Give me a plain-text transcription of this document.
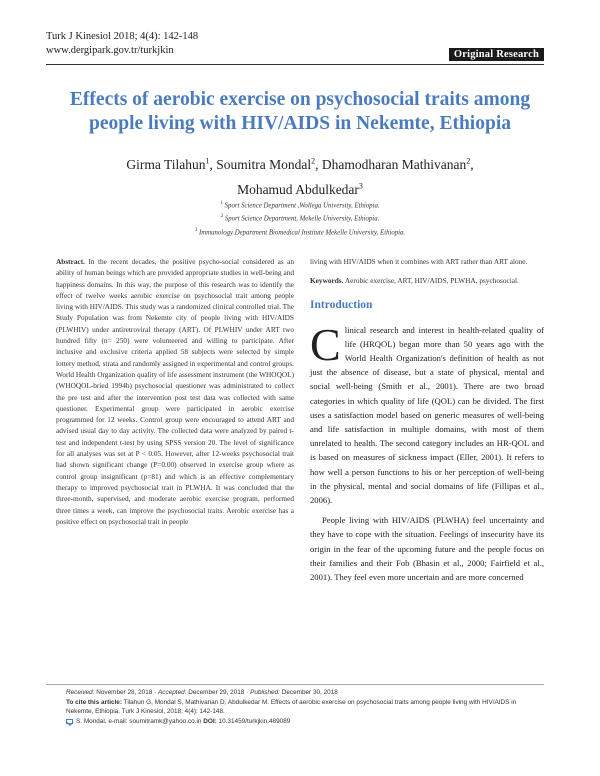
Turk J Kinesiol 2018; 4(4): 142-148
www.dergipark.gov.tr/turkjkin	Original Research
Effects of aerobic exercise on psychosocial traits among people living with HIV/AIDS in Nekemte, Ethiopia
Girma Tilahun$^1$, Soumitra Mondal$^2$, Dhamodharan Mathivanan$^2$,
Mohamud Abdulkedar$^3$
$^1$ Sport Science Department ,Wollega University, Ethiopia.
$^2$ Sport Science Department, Mekelle University, Ethiopia.
$^3$ Immunology Department Biomedical Institute Mekelle University, Ethiopia.
Abstract. In the recent decades, the positive psycho-social considered as an ability of human beings which are provided appropriate studies in well-being and happiness domains. In this way, the purpose of this research was to identify the effect of twelve weeks aerobic exercise on psychosocial trait among people living with HIV/AIDS. This study was a randomized clinical controlled trial. The Study Population was from Nekemte city of people living with HIV/AIDS (PLWHIV) under antiretroviral therapy (ART). Of PLWHIV under ART two hundred fifty (n= 250) were volunteered and willing to participate. After inclusive and exclusive criteria applied 58 subjects were selected by simple lottery method, strata and randomly assigned in experimental and control groups. World Health Organization quality of life assessment instrument (the WHOQOL) (WHOQOL-bried 1994b) psychosocial questioner was administrated to collect the pre test and after the intervention post test data was collected with same questioner. Experimental group were participated in aerobic exercise programmed for 12 weeks. Control group were encouraged to attend ART and advised usual day to day activity. The collected data were analyzed by paired t-test and independent t-test by using SPSS version 20. The level of significance for all analyses was set at P < 0.05. However, after 12-weeks psychosocial trait had shown significant change (P=0.00) observed in exercise group where as control group insignificant (p=81) and which is an effective complementary therapy to improved psychosocial trait in PLWHA. It was concluded that the three-month, supervised, and moderate aerobic exercise program, performed three times a week, can improve the psychosocial traits. Aerobic exercise has a positive effect on psychosocial trait in people
living with HIV/AIDS when it combines with ART rather than ART alone.
Keywords. Aerobic exercise, ART, HIV/AIDS, PLWHA, psychosocial.
Introduction
C linical research and interest in health-related quality of life (HRQOL) began more than 50 years ago with the World Health Organization's definition of health as not just the absence of disease, but a state of physical, mental and social well-being (Smith et al., 2001). There are two broad categories in which quality of life (QOL) can be divided. The first uses a satisfaction model based on generic measures of well-being and life satisfaction in multiple domains, with most of them unrelated to health. The second category includes an HR-QOL and is based on measures of sickness impact (Eller, 2001). It refers to how well a person functions to his or her perception of well-being in the physical, mental and social domains of life (Fillipas et al., 2006).
People living with HIV/AIDS (PLWHA) feel uncertainty and they have to cope with the situation. Feelings of insecurity have its origin in the fear of the upcoming future and the people focus on their families and their Fob (Bhasin et al., 2000; Fairfield et al., 2001). They feel even more uncertain and are more concerned
Received: November 28, 2018 · Accepted: December 29, 2018 · Published: December 30, 2018
To cite this article: Tilahun G, Mondal S, Mathivanan D, Abdulkedar M. Effects of aerobic exercise on psychosocial traits among people living with HIV/AIDS in Nekemte, Ethiopia. Turk J Kinesiol, 2018; 4(4): 142-148.
S. Mondal, e-mail: soumitramk@yahoo.co.in DOI: 10.31459/turkjkin.489089
